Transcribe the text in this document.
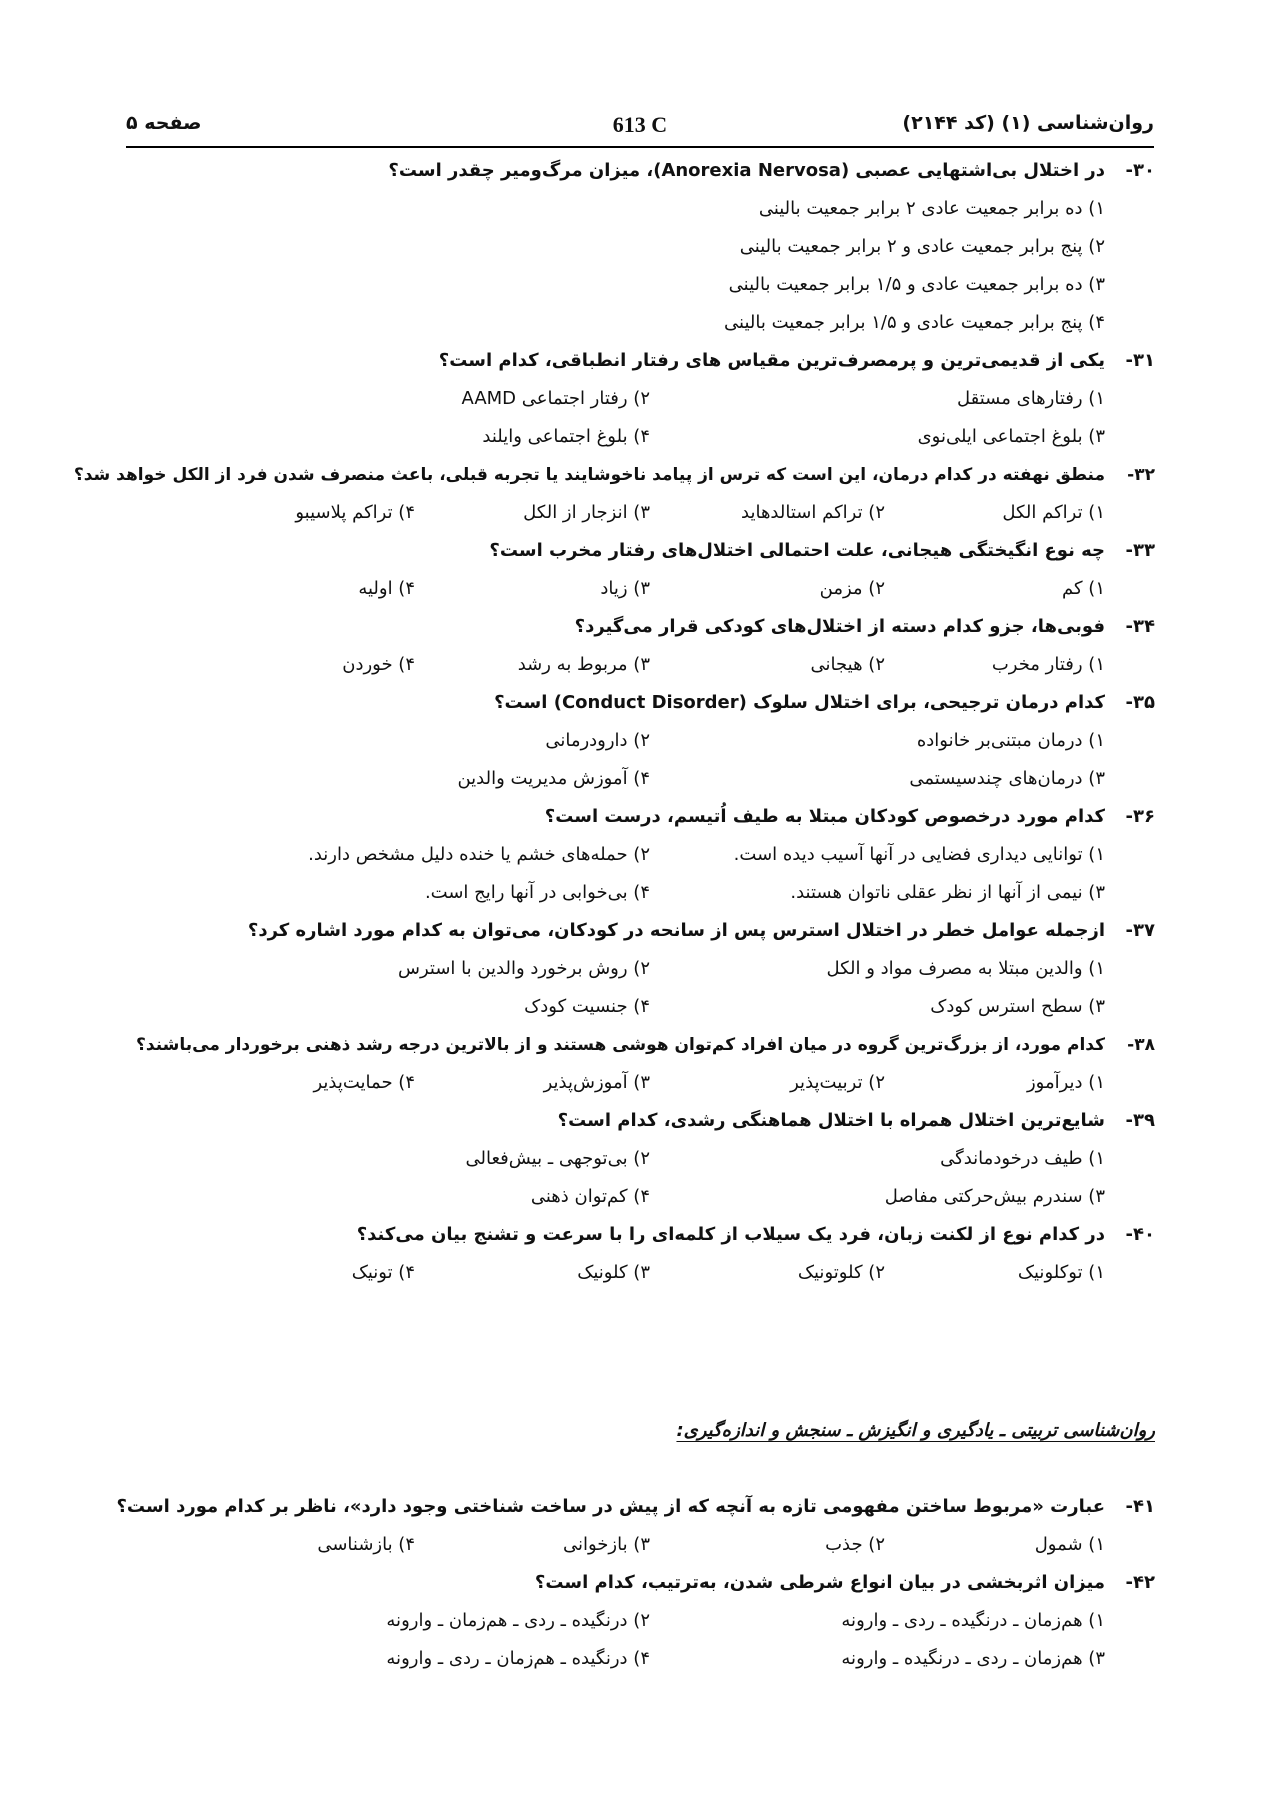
روان‌شناسی (۱) (کد ۲۱۴۴)
613 C
صفحه ۵
۳۰-
در اختلال بی‌اشتهایی عصبی (Anorexia Nervosa)، میزان مرگ‌ومیر چقدر است؟
۱) ده برابر جمعیت عادی ۲ برابر جمعیت بالینی
۲) پنج برابر جمعیت عادی و ۲ برابر جمعیت بالینی
۳) ده برابر جمعیت عادی و ۱/۵ برابر جمعیت بالینی
۴) پنج برابر جمعیت عادی و ۱/۵ برابر جمعیت بالینی
۳۱-
یکی از قدیمی‌ترین و پرمصرف‌ترین مقیاس های رفتار انطباقی، کدام است؟
۱) رفتارهای مستقل
۲) رفتار اجتماعی AAMD
۳) بلوغ اجتماعی ایلی‌نوی
۴) بلوغ اجتماعی وایلند
۳۲-
منطق نهفته در کدام درمان، این است که ترس از پیامد ناخوشایند یا تجربه قبلی، باعث منصرف شدن فرد از الکل خواهد شد؟
۱) تراکم الکل
۲) تراکم استالدهاید
۳) انزجار از الکل
۴) تراکم پلاسیبو
۳۳-
چه نوع انگیختگی هیجانی، علت احتمالی اختلال‌های رفتار مخرب است؟
۱) کم
۲) مزمن
۳) زیاد
۴) اولیه
۳۴-
فوبی‌ها، جزو کدام دسته از اختلال‌های کودکی قرار می‌گیرد؟
۱) رفتار مخرب
۲) هیجانی
۳) مربوط به رشد
۴) خوردن
۳۵-
کدام درمان ترجیحی، برای اختلال سلوک (Conduct Disorder) است؟
۱) درمان مبتنی‌بر خانواده
۲) دارودرمانی
۳) درمان‌های چندسیستمی
۴) آموزش مدیریت والدین
۳۶-
کدام مورد درخصوص کودکان مبتلا به طیف اُتیسم، درست است؟
۱) توانایی دیداری فضایی در آنها آسیب دیده است.
۲) حمله‌های خشم یا خنده دلیل مشخص دارند.
۳) نیمی از آنها از نظر عقلی ناتوان هستند.
۴) بی‌خوابی در آنها رایج است.
۳۷-
ازجمله عوامل خطر در اختلال استرس پس از سانحه در کودکان، می‌توان به کدام مورد اشاره کرد؟
۱) والدین مبتلا به مصرف مواد و الکل
۲) روش برخورد والدین با استرس
۳) سطح استرس کودک
۴) جنسیت کودک
۳۸-
کدام مورد، از بزرگ‌ترین گروه در میان افراد کم‌توان هوشی هستند و از بالاترین درجه رشد ذهنی برخوردار می‌باشند؟
۱) دیرآموز
۲) تربیت‌پذیر
۳) آموزش‌پذیر
۴) حمایت‌پذیر
۳۹-
شایع‌ترین اختلال همراه با اختلال هماهنگی رشدی، کدام است؟
۱) طیف درخودماندگی
۲) بی‌توجهی ـ بیش‌فعالی
۳) سندرم بیش‌حرکتی مفاصل
۴) کم‌توان ذهنی
۴۰-
در کدام نوع از لکنت زبان، فرد یک سیلاب از کلمه‌ای را با سرعت و تشنج بیان می‌کند؟
۱) توکلونیک
۲) کلوتونیک
۳) کلونیک
۴) تونیک
روان‌شناسی تربیتی ـ یادگیری و انگیزش ـ سنجش و اندازه‌گیری:
۴۱-
عبارت «مربوط ساختن مفهومی تازه به آنچه که از پیش در ساخت شناختی وجود دارد»، ناظر بر کدام مورد است؟
۱) شمول
۲) جذب
۳) بازخوانی
۴) بازشناسی
۴۲-
میزان اثربخشی در بیان انواع شرطی شدن، به‌ترتیب، کدام است؟
۱) هم‌زمان ـ درنگیده ـ ردی ـ وارونه
۲) درنگیده ـ ردی ـ هم‌زمان ـ وارونه
۳) هم‌زمان ـ ردی ـ درنگیده ـ وارونه
۴) درنگیده ـ هم‌زمان ـ ردی ـ وارونه
